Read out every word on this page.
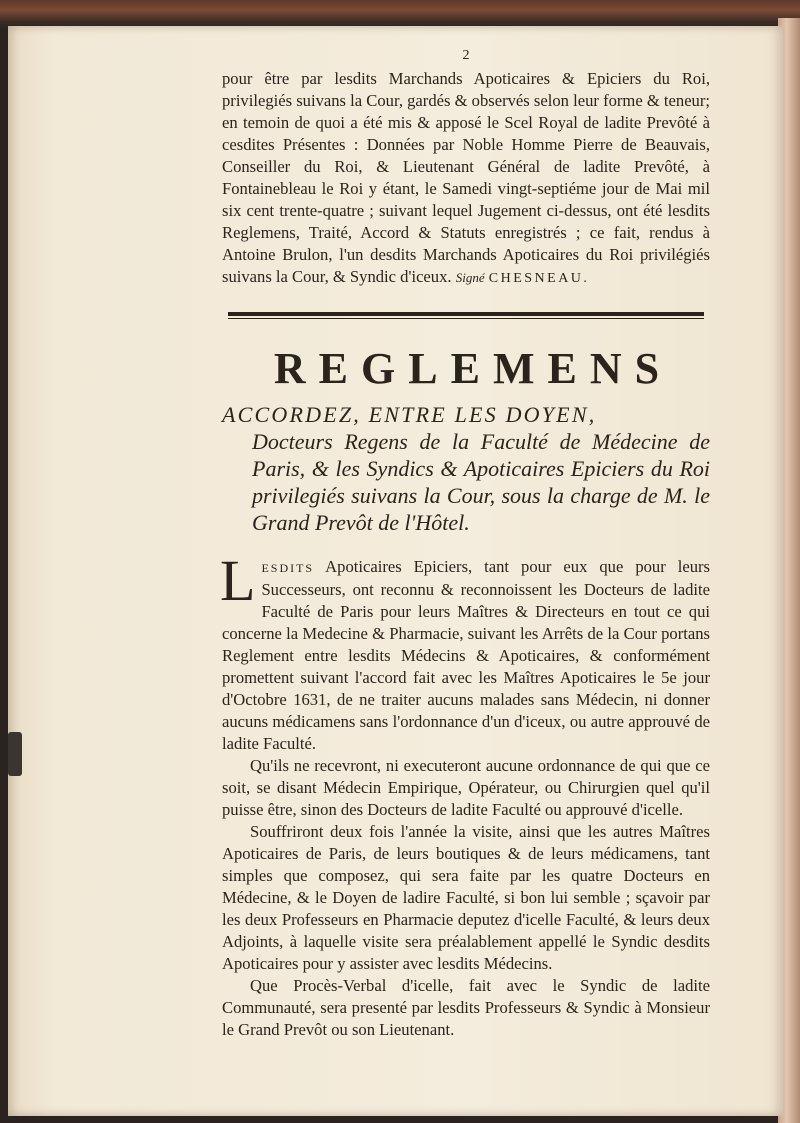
2

pour être par lesdits Marchands Apoticaires & Epiciers du Roi, privilegiés suivans la Cour, gardés & observés selon leur forme & teneur; en temoin de quoi a été mis & apposé le Scel Royal de ladite Prevôté à cesdites Présentes : Données par Noble Homme Pierre de Beauvais, Conseiller du Roi, & Lieutenant Général de ladite Prevôté, à Fontainebleau le Roi y étant, le Samedi vingt-septiéme jour de Mai mil six cent trente-quatre ; suivant lequel Jugement ci-dessus, ont été lesdits Reglemens, Traité, Accord & Statuts enregistrés ; ce fait, rendus à Antoine Brulon, l'un desdits Marchands Apoticaires du Roi privilégiés suivans la Cour, & Syndic d'iceux. Signé CHESNEAU.

REGLEMENS
ACCORDEZ, ENTRE LES DOYEN,
Docteurs Regens de la Faculté de Médecine de Paris, & les Syndics & Apoticaires Epiciers du Roi privilegiés suivans la Cour, sous la charge de M. le Grand Prevôt de l'Hôtel.

LESDITS Apoticaires Epiciers, tant pour eux que pour leurs Successeurs, ont reconnu & reconnoissent les Docteurs de ladite Faculté de Paris pour leurs Maîtres & Directeurs en tout ce qui concerne la Medecine & Pharmacie, suivant les Arrêts de la Cour portans Reglement entre lesdits Médecins & Apoticaires, & conformément promettent suivant l'accord fait avec les Maîtres Apoticaires le 5e jour d'Octobre 1631, de ne traiter aucuns malades sans Médecin, ni donner aucuns médicamens sans l'ordonnance d'un d'iceux, ou autre approuvé de ladite Faculté.

Qu'ils ne recevront, ni executeront aucune ordonnance de qui que ce soit, se disant Médecin Empirique, Opérateur, ou Chirurgien quel qu'il puisse être, sinon des Docteurs de ladite Faculté ou approuvé d'icelle.

Souffriront deux fois l'année la visite, ainsi que les autres Maîtres Apoticaires de Paris, de leurs boutiques & de leurs médicamens, tant simples que composez, qui sera faite par les quatre Docteurs en Médecine, & le Doyen de ladire Faculté, si bon lui semble ; sçavoir par les deux Professeurs en Pharmacie deputez d'icelle Faculté, & leurs deux Adjoints, à laquelle visite sera préalablement appellé le Syndic desdits Apoticaires pour y assister avec lesdits Médecins.

Que Procès-Verbal d'icelle, fait avec le Syndic de ladite Communauté, sera presenté par lesdits Professeurs & Syndic à Monsieur le Grand Prevôt ou son Lieutenant.
